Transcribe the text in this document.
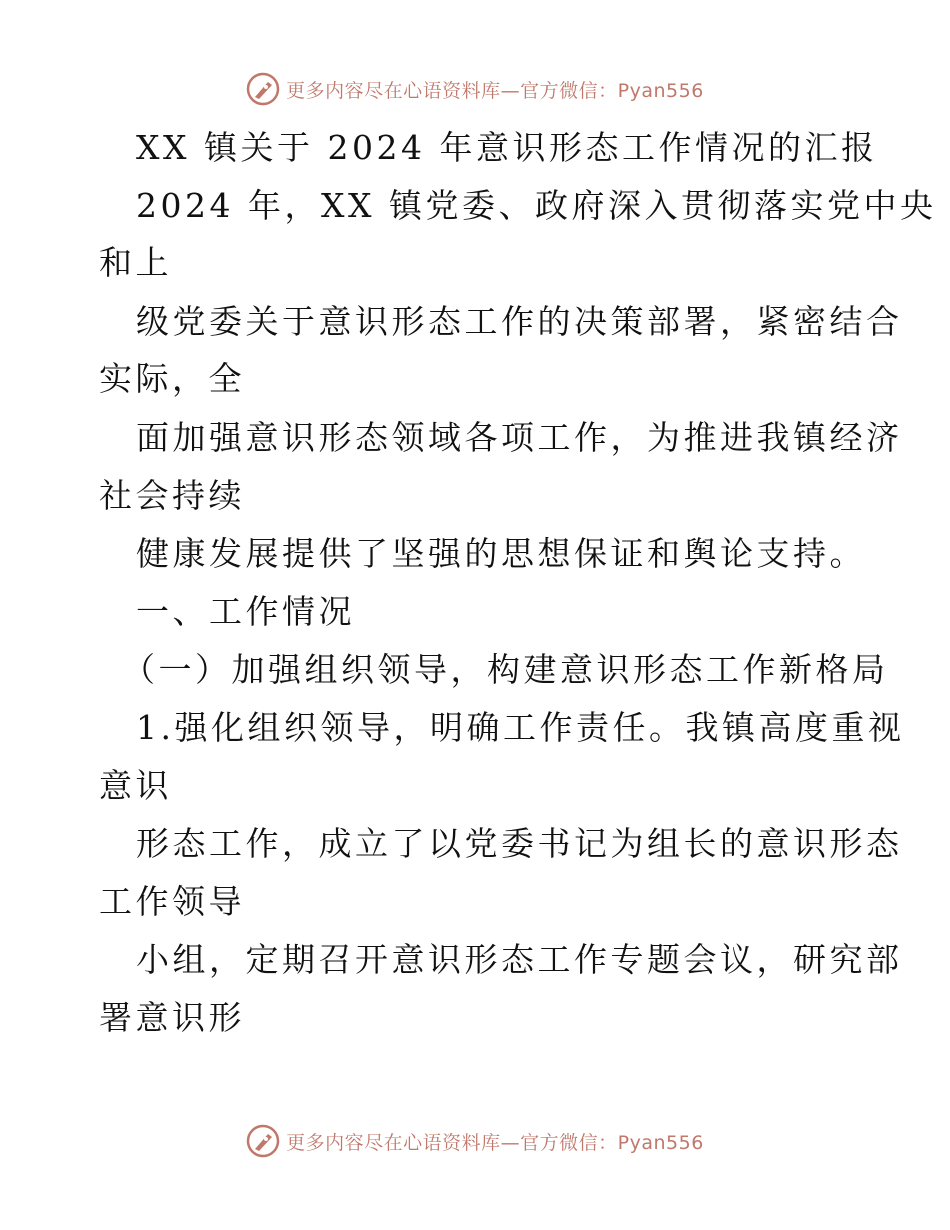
更多内容尽在心语资料库—官方微信：Pyan556
XX 镇关于 2024 年意识形态工作情况的汇报
2024 年，XX 镇党委、政府深入贯彻落实党中央
和上
级党委关于意识形态工作的决策部署，紧密结合
实际，全
面加强意识形态领域各项工作，为推进我镇经济
社会持续
健康发展提供了坚强的思想保证和舆论支持。
一、工作情况
（一）加强组织领导，构建意识形态工作新格局
1.强化组织领导，明确工作责任。我镇高度重视
意识
形态工作，成立了以党委书记为组长的意识形态
工作领导
小组，定期召开意识形态工作专题会议，研究部
署意识形
更多内容尽在心语资料库—官方微信：Pyan556
